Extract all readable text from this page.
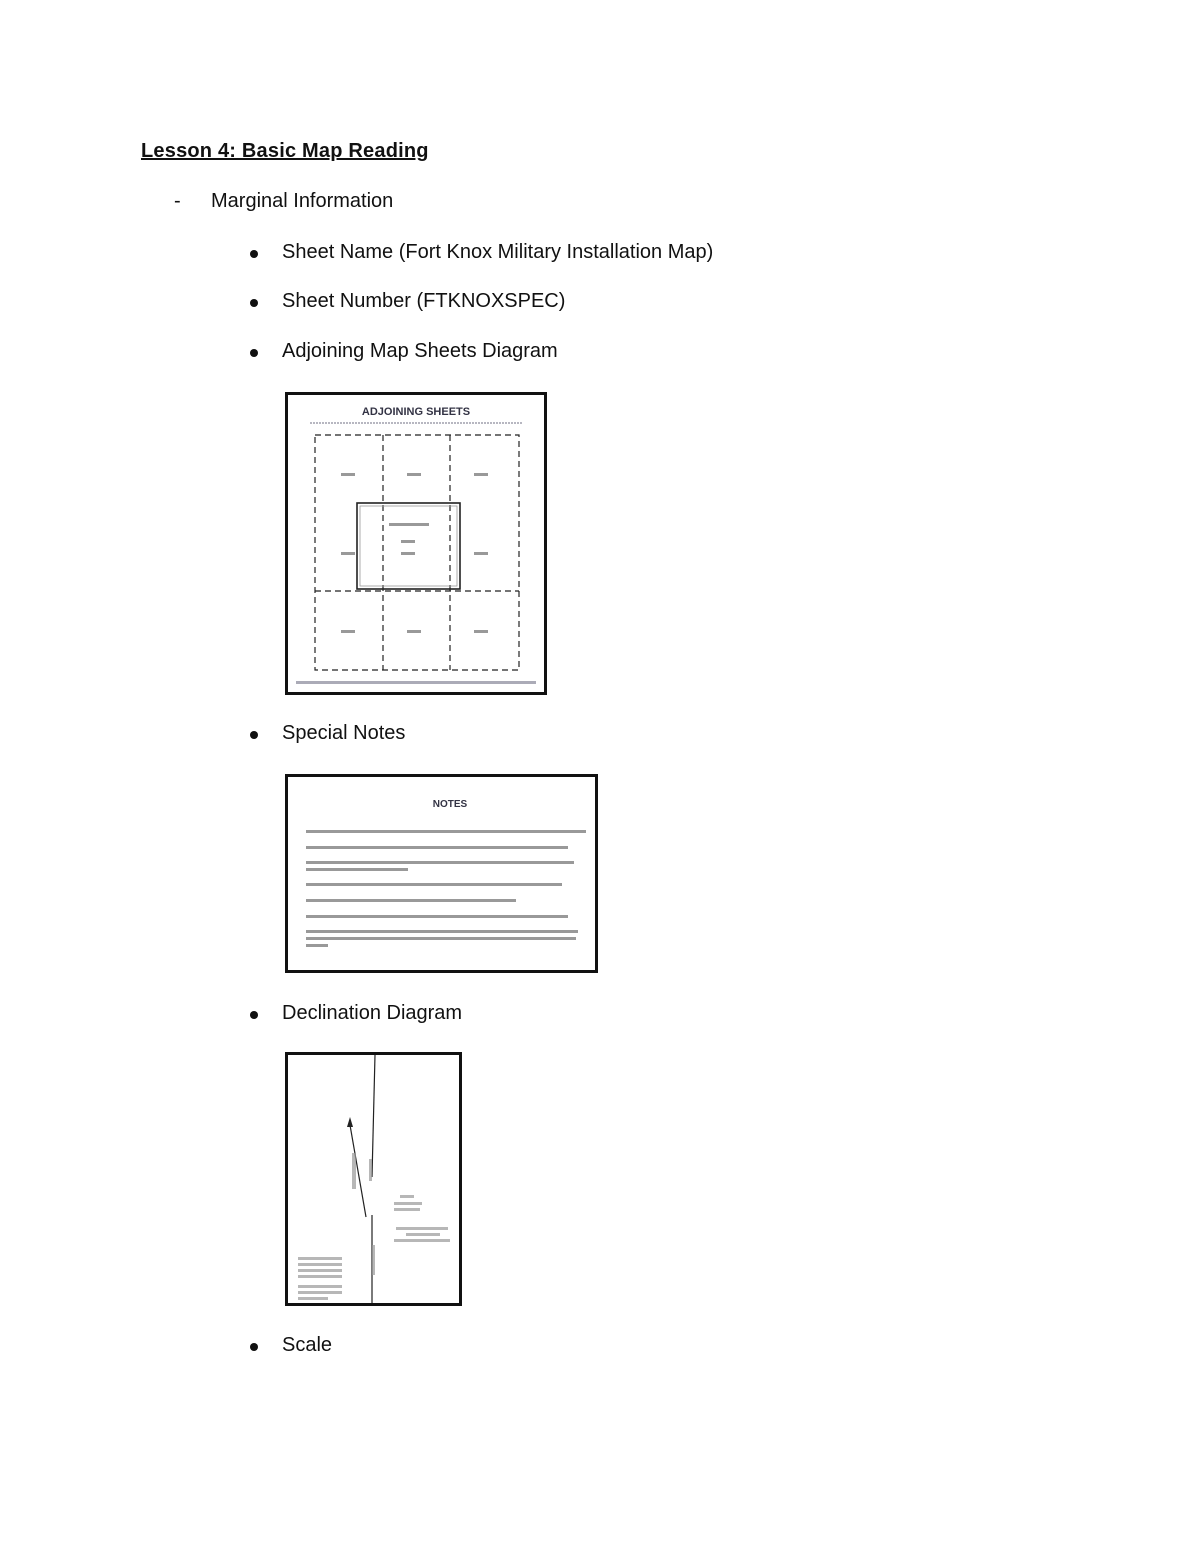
Lesson 4: Basic Map Reading
- Marginal Information
Sheet Name (Fort Knox Military Installation Map)
Sheet Number (FTKNOXSPEC)
Adjoining Map Sheets Diagram
ADJOINING SHEETS
Special Notes
NOTES
Declination Diagram
Scale
